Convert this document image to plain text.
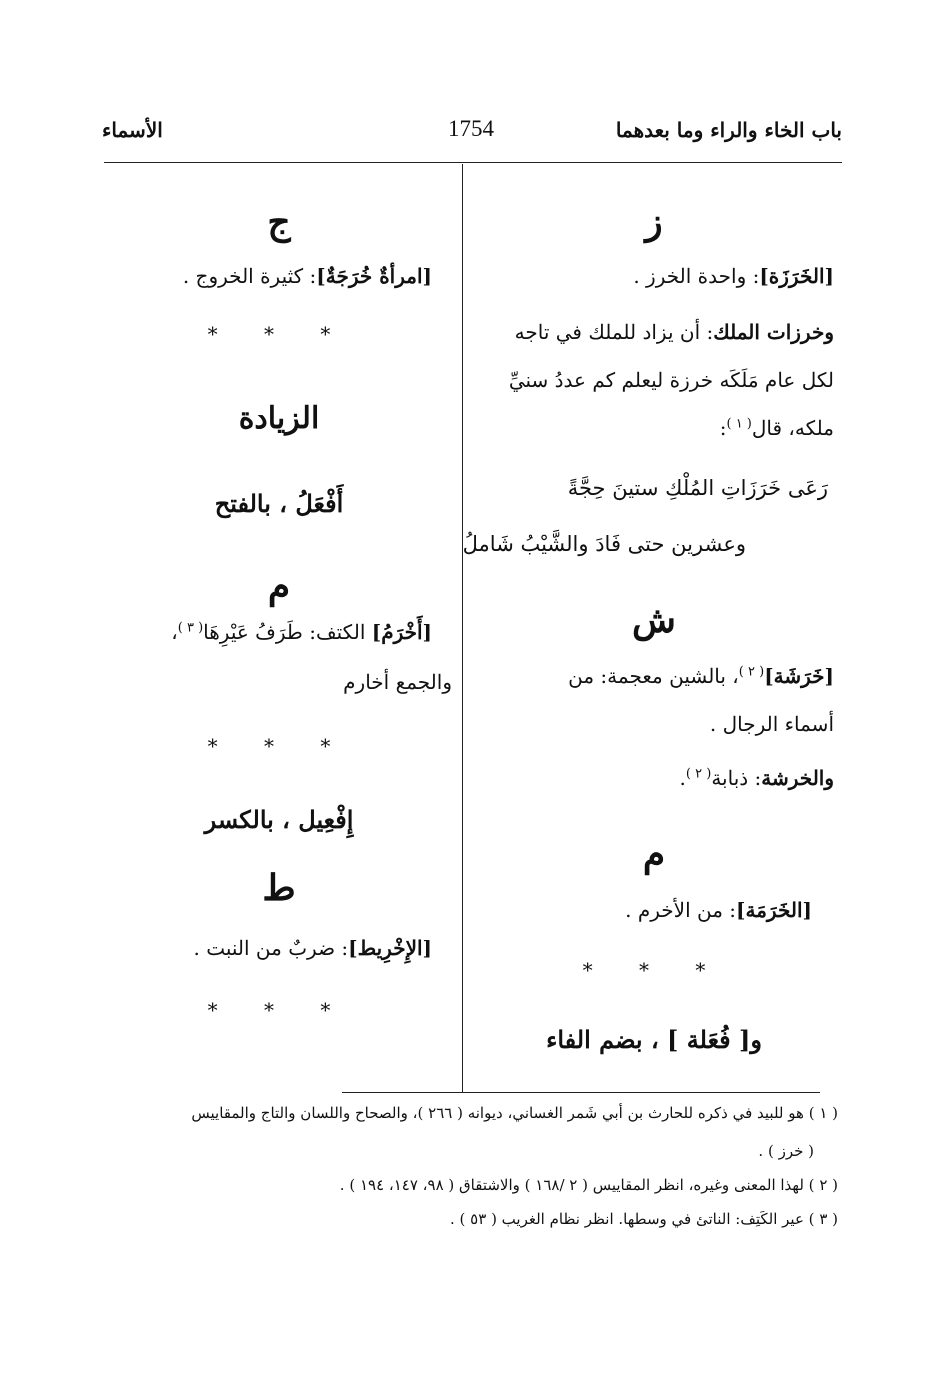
باب الخاء والراء وما بعدهما
1754
الأسماء
ز
[الخَرَزَة]: واحدة الخرز .
وخرزات الملك: أن يزاد للملك في تاجه
لكل عام مَلَكَه خرزة ليعلم كم عددُ سنيِّ
ملكه، قال$^{( ١ )}$:
رَعَى خَرَزَاتِ المُلْكِ ستينَ حِجَّةً
وعشرين حتى فَادَ والشَّيْبُ شَاملُ
ش
[خَرَشَة]$^{( ٢ )}$، بالشين معجمة: من
أسماء الرجال .
والخرشة: ذبابة$^{( ٢ )}$.
م
[الخَرَمَة]: من الأخرم .
* * *
و[ فُعَلة ] ، بضم الفاء
ج
[امرأةٌ خُرَجَةٌ]: كثيرة الخروج .
* * *
الزيادة
أَفْعَلُ ، بالفتح
م
[أَخْرَمُ] الكتف: طَرَفُ عَيْرِهَا$^{( ٣ )}$،
والجمع أخارم
* * *
إِفْعِيل ، بالكسر
ط
[الإِخْرِيط]: ضربٌ من النبت .
* * *
( ١ ) هو للبيد في ذكره للحارث بن أبي شَمر الغساني، ديوانه ( ٢٦٦ )، والصحاح واللسان والتاج والمقاييس
( خرز ) .
( ٢ ) لهذا المعنى وغيره، انظر المقاييس ( ٢ /١٦٨ ) والاشتقاق ( ٩٨، ١٤٧، ١٩٤ ) .
( ٣ ) عير الكَتِف: الناتئ في وسطها. انظر نظام الغريب ( ٥٣ ) .
